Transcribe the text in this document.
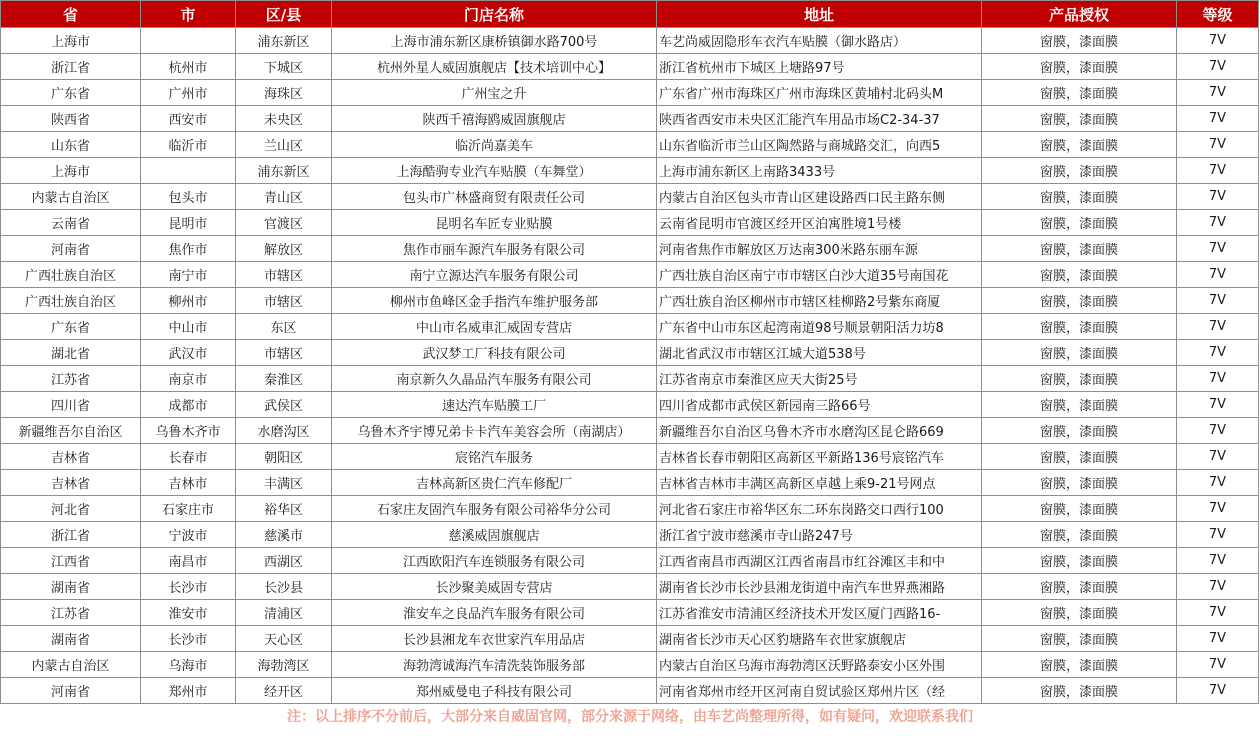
省	市	区/县	门店名称	地址	产品授权	等级
上海市		浦东新区	上海市浦东新区康桥镇御水路700号	车艺尚威固隐形车衣汽车贴膜（御水路店）	窗膜，漆面膜	7V
浙江省	杭州市	下城区	杭州外星人威固旗舰店【技术培训中心】	浙江省杭州市下城区上塘路97号	窗膜，漆面膜	7V
广东省	广州市	海珠区	广州宝之升	广东省广州市海珠区广州市海珠区黄埔村北码头M	窗膜，漆面膜	7V
陕西省	西安市	未央区	陕西千禧海鸥威固旗舰店	陕西省西安市未央区汇能汽车用品市场C2-34-37	窗膜，漆面膜	7V
山东省	临沂市	兰山区	临沂尚嘉美车	山东省临沂市兰山区陶然路与商城路交汇，向西5	窗膜，漆面膜	7V
上海市		浦东新区	上海酷驹专业汽车贴膜（车舞堂）	上海市浦东新区上南路3433号	窗膜，漆面膜	7V
内蒙古自治区	包头市	青山区	包头市广林盛商贸有限责任公司	内蒙古自治区包头市青山区建设路西口民主路东侧	窗膜，漆面膜	7V
云南省	昆明市	官渡区	昆明名车匠专业贴膜	云南省昆明市官渡区经开区泊寓胜境1号楼	窗膜，漆面膜	7V
河南省	焦作市	解放区	焦作市丽车源汽车服务有限公司	河南省焦作市解放区万达南300米路东丽车源	窗膜，漆面膜	7V
广西壮族自治区	南宁市	市辖区	南宁立源达汽车服务有限公司	广西壮族自治区南宁市市辖区白沙大道35号南国花	窗膜，漆面膜	7V
广西壮族自治区	柳州市	市辖区	柳州市鱼峰区金手指汽车维护服务部	广西壮族自治区柳州市市辖区桂柳路2号紫东商厦	窗膜，漆面膜	7V
广东省	中山市	东区	中山市名威車汇威固专营店	广东省中山市东区起湾南道98号顺景朝阳活力坊8	窗膜，漆面膜	7V
湖北省	武汉市	市辖区	武汉梦工厂科技有限公司	湖北省武汉市市辖区江城大道538号	窗膜，漆面膜	7V
江苏省	南京市	秦淮区	南京新久久晶品汽车服务有限公司	江苏省南京市秦淮区应天大街25号	窗膜，漆面膜	7V
四川省	成都市	武侯区	速达汽车贴膜工厂	四川省成都市武侯区新园南三路66号	窗膜，漆面膜	7V
新疆维吾尔自治区	乌鲁木齐市	水磨沟区	乌鲁木齐宇博兄弟卡卡汽车美容会所（南湖店）	新疆维吾尔自治区乌鲁木齐市水磨沟区昆仑路669	窗膜，漆面膜	7V
吉林省	长春市	朝阳区	宸铭汽车服务	吉林省长春市朝阳区高新区平新路136号宸铭汽车	窗膜，漆面膜	7V
吉林省	吉林市	丰满区	吉林高新区贵仁汽车修配厂	吉林省吉林市丰满区高新区卓越上乘9-21号网点	窗膜，漆面膜	7V
河北省	石家庄市	裕华区	石家庄友固汽车服务有限公司裕华分公司	河北省石家庄市裕华区东二环东岗路交口西行100	窗膜，漆面膜	7V
浙江省	宁波市	慈溪市	慈溪威固旗舰店	浙江省宁波市慈溪市寺山路247号	窗膜，漆面膜	7V
江西省	南昌市	西湖区	江西欧阳汽车连锁服务有限公司	江西省南昌市西湖区江西省南昌市红谷滩区丰和中	窗膜，漆面膜	7V
湖南省	长沙市	长沙县	长沙聚美威固专营店	湖南省长沙市长沙县湘龙街道中南汽车世界燕湘路	窗膜，漆面膜	7V
江苏省	淮安市	清浦区	淮安车之良品汽车服务有限公司	江苏省淮安市清浦区经济技术开发区厦门西路16-	窗膜，漆面膜	7V
湖南省	长沙市	天心区	长沙县湘龙车衣世家汽车用品店	湖南省长沙市天心区豹塘路车衣世家旗舰店	窗膜，漆面膜	7V
内蒙古自治区	乌海市	海勃湾区	海勃湾诚海汽车清洗装饰服务部	内蒙古自治区乌海市海勃湾区沃野路泰安小区外围	窗膜，漆面膜	7V
河南省	郑州市	经开区	郑州威曼电子科技有限公司	河南省郑州市经开区河南自贸试验区郑州片区（经	窗膜，漆面膜	7V
注：以上排序不分前后，大部分来自威固官网，部分来源于网络，由车艺尚整理所得，如有疑问，欢迎联系我们
